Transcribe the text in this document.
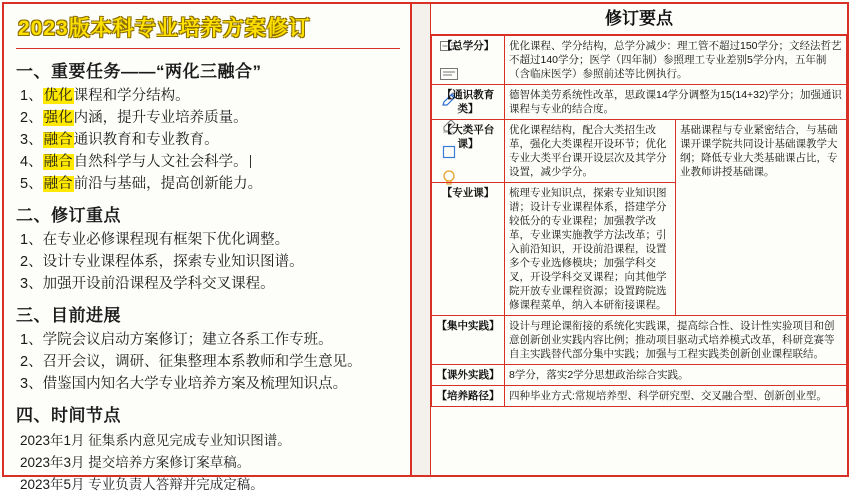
2023版本科专业培养方案修订
一、重要任务——“两化三融合”
1、优化课程和学分结构。
2、强化内涵，提升专业培养质量。
3、融合通识教育和专业教育。
4、融合自然科学与人文社会科学。
5、融合前沿与基础，提高创新能力。
二、修订重点
1、在专业必修课程现有框架下优化调整。
2、设计专业课程体系，探索专业知识图谱。
3、加强开设前沿课程及学科交叉课程。
三、目前进展
1、学院会议启动方案修订；建立各系工作专班。
2、召开会议，调研、征集整理本系教师和学生意见。
3、借鉴国内知名大学专业培养方案及梳理知识点。
四、时间节点
2023年1月 征集系内意见完成专业知识图谱。
2023年3月 提交培养方案修订案草稿。
2023年5月 专业负责人答辩并完成定稿。
修订要点
【总学分】	优化课程、学分结构，总学分减少：理工管不超过150学分；文经法哲艺不超过140学分；医学（四年制）参照理工专业差别5学分内，五年制（含临床医学）参照前述等比例执行。	
【通识教育类】	德智体美劳系统性改革，思政课14学分调整为15(14+32)学分；加强通识课程与专业的结合度。	
【大类平台课】	优化课程结构，配合大类招生改革，强化大类课程开设环节；优化专业大类平台课开设层次及其学分设置，减少学分。	基础课程与专业紧密结合，与基础课开课学院共同设计基础课教学大纲；降低专业大类基础课占比，专业教师讲授基础课。
【专业课】	梳理专业知识点，探索专业知识图谱；设计专业课程体系，搭建学分较低分的专业课程；加强教学改革，专业课实施教学方法改革；引入前沿知识，开设前沿课程，设置多个专业选修模块；加强学科交叉，开设学科交叉课程；向其他学院开放专业课程资源；设置跨院选修课程菜单，纳入本研衔接课程。	
【集中实践】	设计与理论课衔接的系统化实践课，提高综合性、设计性实验项目和创意创新创业实践内容比例；推动项目驱动式培养模式改革，科研竞赛等自主实践替代部分集中实践；加强与工程实践类创新创业课程联结。	
【课外实践】	8学分，落实2学分思想政治综合实践。	
【培养路径】	四种毕业方式:常规培养型、科学研究型、交叉融合型、创新创业型。	
